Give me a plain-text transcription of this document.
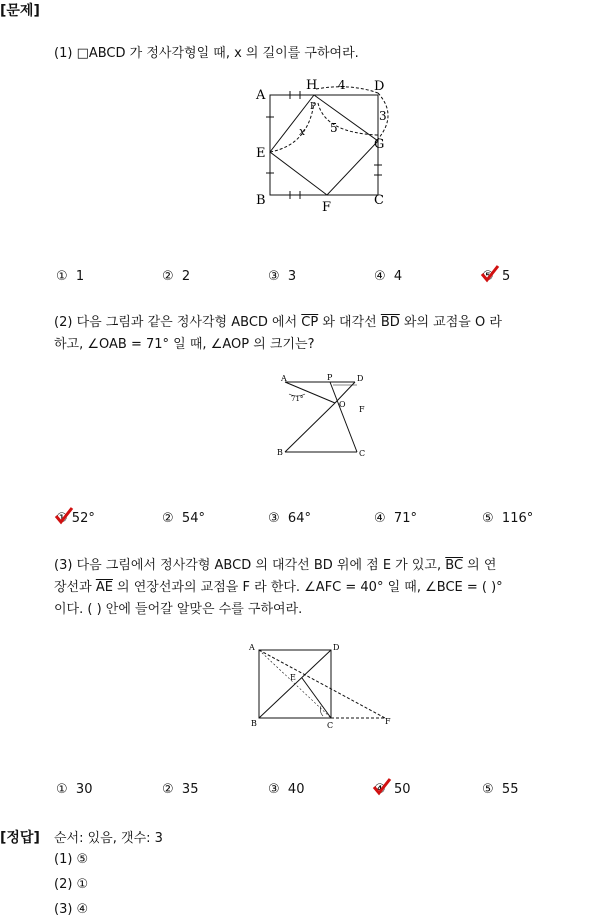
[문제]
(1) □ABCD 가 정사각형일 때, x 의 길이를 구하여라.
A
H 4 D
P
3
5
x
G
E
B	F	C
① 1	② 2	③ 3	④ 4	⑤ 5
(2) 다음 그림과 같은 정사각형 ABCD 에서 $\overline{CP}$ 와 대각선 $\overline{BD}$ 와의 교점을 O 라
하고, ∠OAB = 71° 일 때, ∠AOP 의 크기는?
A	P	D
71°
O
F
B	C
① 52°	② 54°	③ 64°	④ 71°	⑤ 116°
(3) 다음 그림에서 정사각형 ABCD 의 대각선 BD 위에 점 E 가 있고, $\overline{BC}$ 의 연
장선과 $\overline{AE}$ 의 연장선과의 교점을 F 라 한다. ∠AFC = 40° 일 때, ∠BCE = ( )°
이다. ( ) 안에 들어갈 알맞은 수를 구하여라.
A	D
E
B	C	F
① 30	② 35	③ 40	④ 50	⑤ 55
[정답] 순서: 있음, 갯수: 3
(1) ⑤
(2) ①
(3) ④
